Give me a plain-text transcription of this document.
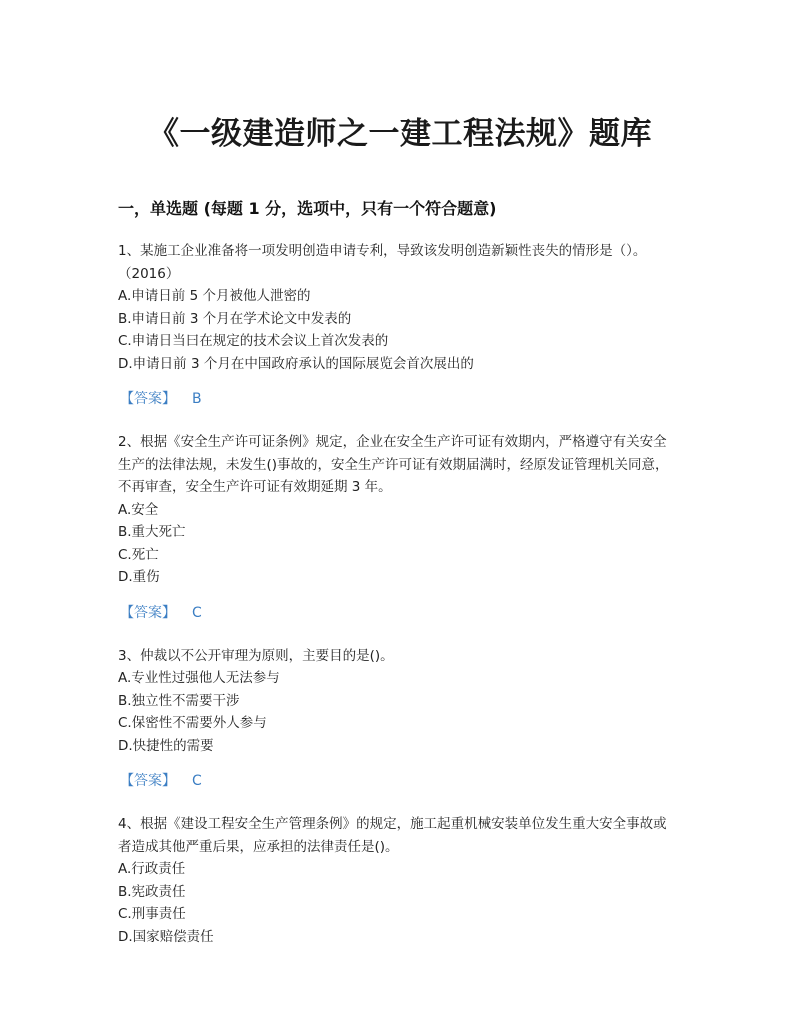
《一级建造师之一建工程法规》题库
一，单选题 (每题 1 分，选项中，只有一个符合题意)

1、某施工企业准备将一项发明创造申请专利，导致该发明创造新颖性丧失的情形是（）。（2016）

A.申请日前 5 个月被他人泄密的

B.申请日前 3 个月在学术论文中发表的

C.申请日当曰在规定的技术会议上首次发表的

D.申请日前 3 个月在中国政府承认的国际展览会首次展出的

【答案】 B

2、根据《安全生产许可证条例》规定，企业在安全生产许可证有效期内，严格遵守有关安全生产的法律法规，未发生()事故的，安全生产许可证有效期届满时，经原发证管理机关同意，不再审查，安全生产许可证有效期延期 3 年。

A.安全

B.重大死亡

C.死亡

D.重伤

【答案】 C

3、仲裁以不公开审理为原则，主要目的是()。

A.专业性过强他人无法参与

B.独立性不需要干涉

C.保密性不需要外人参与

D.快捷性的需要

【答案】 C

4、根据《建设工程安全生产管理条例》的规定，施工起重机械安装单位发生重大安全事故或者造成其他严重后果，应承担的法律责任是()。

A.行政责任

B.宪政责任

C.刑事责任

D.国家赔偿责任
